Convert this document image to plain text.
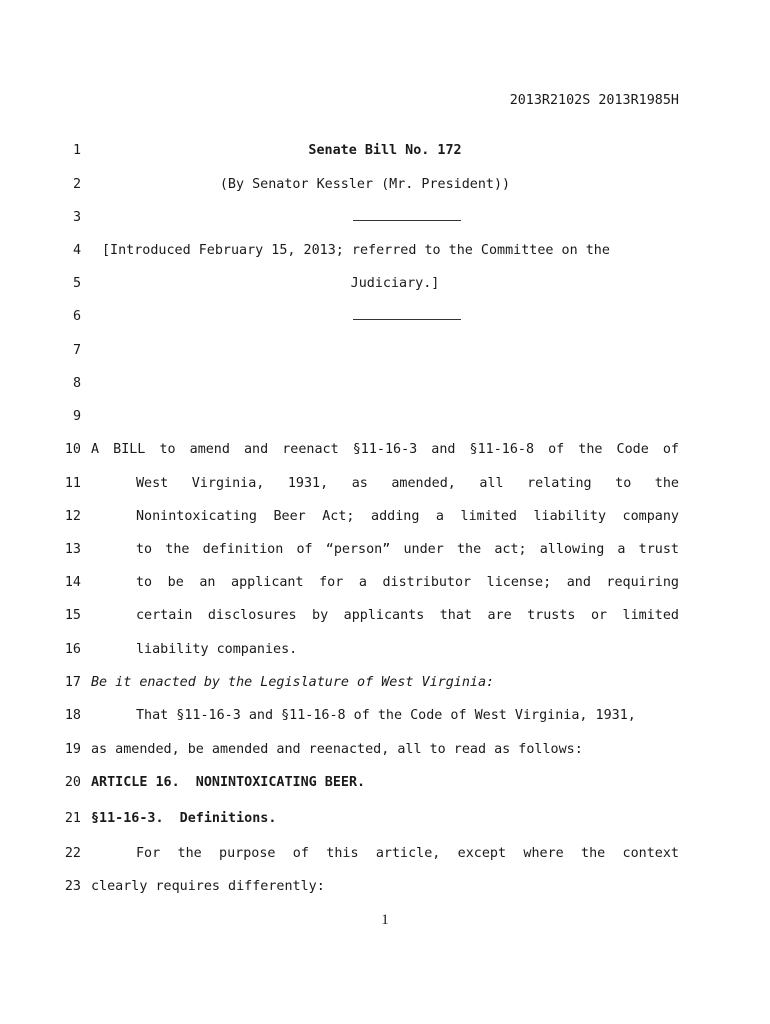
2013R2102S 2013R1985H
1	Senate Bill No. 172
2	(By Senator Kessler (Mr. President))
3
4 [Introduced February 15, 2013; referred to the Committee on the
5	Judiciary.]
6
7
8
9
10 A BILL to amend and reenact §11-16-3 and §11-16-8 of the Code of
11	West Virginia, 1931, as amended, all relating to the
12	Nonintoxicating Beer Act; adding a limited liability company
13	to the definition of “person” under the act; allowing a trust
14	to be an applicant for a distributor license; and requiring
15	certain disclosures by applicants that are trusts or limited
16	liability companies.
17 Be it enacted by the Legislature of West Virginia:
18	That §11-16-3 and §11-16-8 of the Code of West Virginia, 1931,
19 as amended, be amended and reenacted, all to read as follows:
20 ARTICLE 16.  NONINTOXICATING BEER.
21 §11-16-3.  Definitions.
22	For the purpose of this article, except where the context
23 clearly requires differently:
1
